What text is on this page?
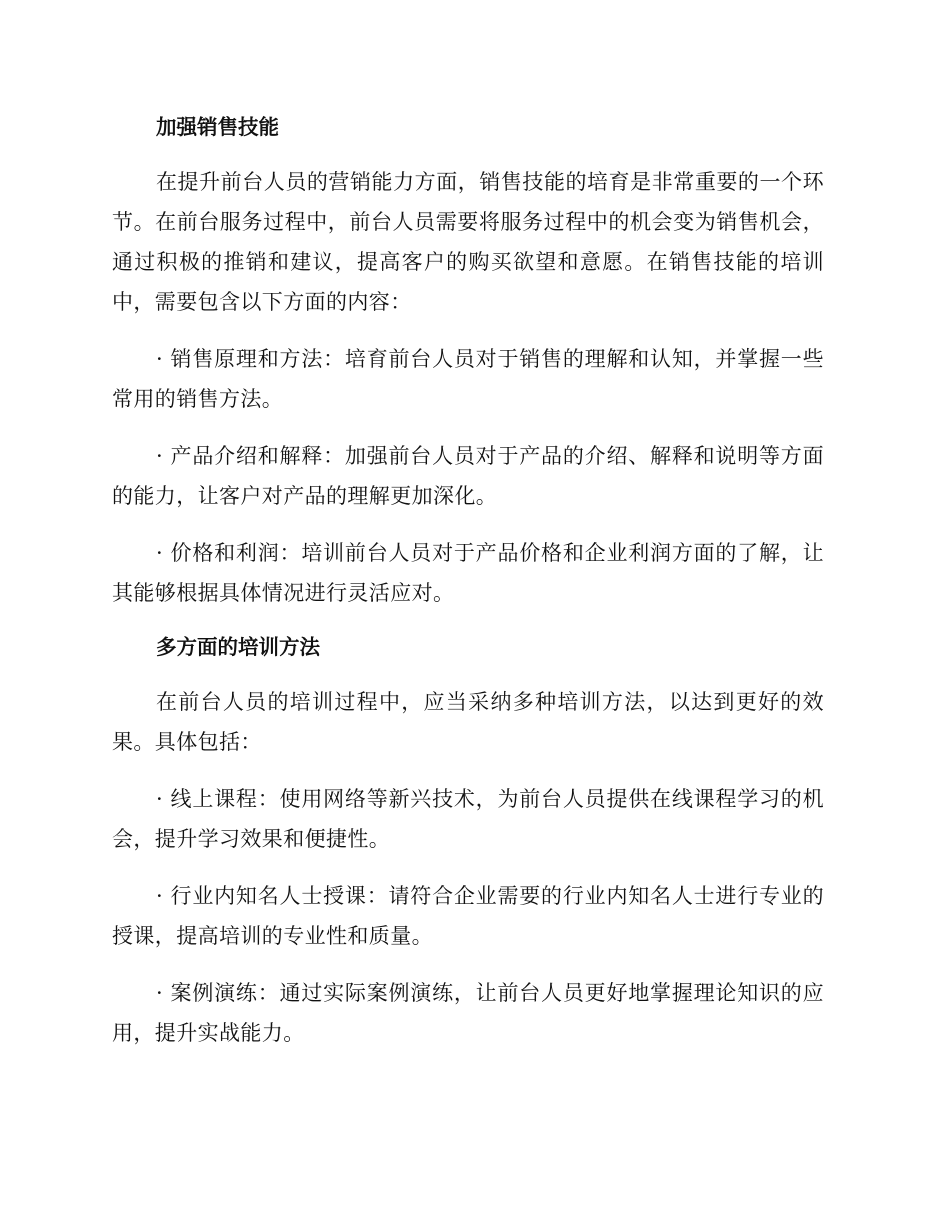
加强销售技能

在提升前台人员的营销能力方面，销售技能的培育是非常重要的一个环节。在前台服务过程中，前台人员需要将服务过程中的机会变为销售机会，通过积极的推销和建议，提高客户的购买欲望和意愿。在销售技能的培训中，需要包含以下方面的内容：

· 销售原理和方法：培育前台人员对于销售的理解和认知，并掌握一些常用的销售方法。

· 产品介绍和解释：加强前台人员对于产品的介绍、解释和说明等方面的能力，让客户对产品的理解更加深化。

· 价格和利润：培训前台人员对于产品价格和企业利润方面的了解，让其能够根据具体情况进行灵活应对。

多方面的培训方法

在前台人员的培训过程中，应当采纳多种培训方法，以达到更好的效果。具体包括：

· 线上课程：使用网络等新兴技术，为前台人员提供在线课程学习的机会，提升学习效果和便捷性。

· 行业内知名人士授课：请符合企业需要的行业内知名人士进行专业的授课，提高培训的专业性和质量。

· 案例演练：通过实际案例演练，让前台人员更好地掌握理论知识的应用，提升实战能力。
